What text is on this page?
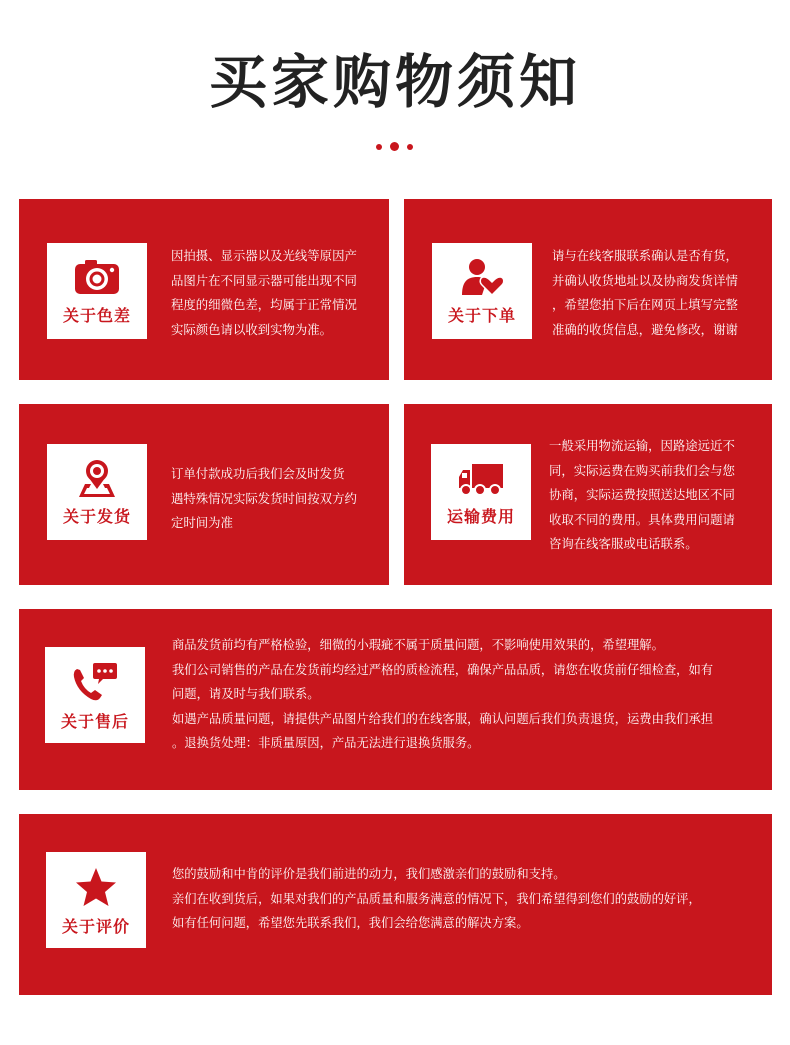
买家购物须知
关于色差

因拍摄、显示器以及光线等原因产

品图片在不同显示器可能出现不同

程度的细微色差，均属于正常情况

实际颜色请以收到实物为准。

关于下单

请与在线客服联系确认是否有货，

并确认收货地址以及协商发货详情

，希望您拍下后在网页上填写完整

准确的收货信息，避免修改，谢谢

关于发货

订单付款成功后我们会及时发货

遇特殊情况实际发货时间按双方约

定时间为准	运输费用

一般采用物流运输，因路途远近不

同，实际运费在购买前我们会与您

协商，实际运费按照送达地区不同

收取不同的费用。具体费用问题请

咨询在线客服或电话联系。

关于售后

商品发货前均有严格检验，细微的小瑕疵不属于质量问题，不影响使用效果的，希望理解。

我们公司销售的产品在发货前均经过严格的质检流程，确保产品品质，请您在收货前仔细检查，如有

问题，请及时与我们联系。

如遇产品质量问题，请提供产品图片给我们的在线客服，确认问题后我们负责退货，运费由我们承担

。退换货处理：非质量原因，产品无法进行退换货服务。

关于评价

您的鼓励和中肯的评价是我们前进的动力，我们感激亲们的鼓励和支持。

亲们在收到货后，如果对我们的产品质量和服务满意的情况下，我们希望得到您们的鼓励的好评，

如有任何问题，希望您先联系我们，我们会给您满意的解决方案。
